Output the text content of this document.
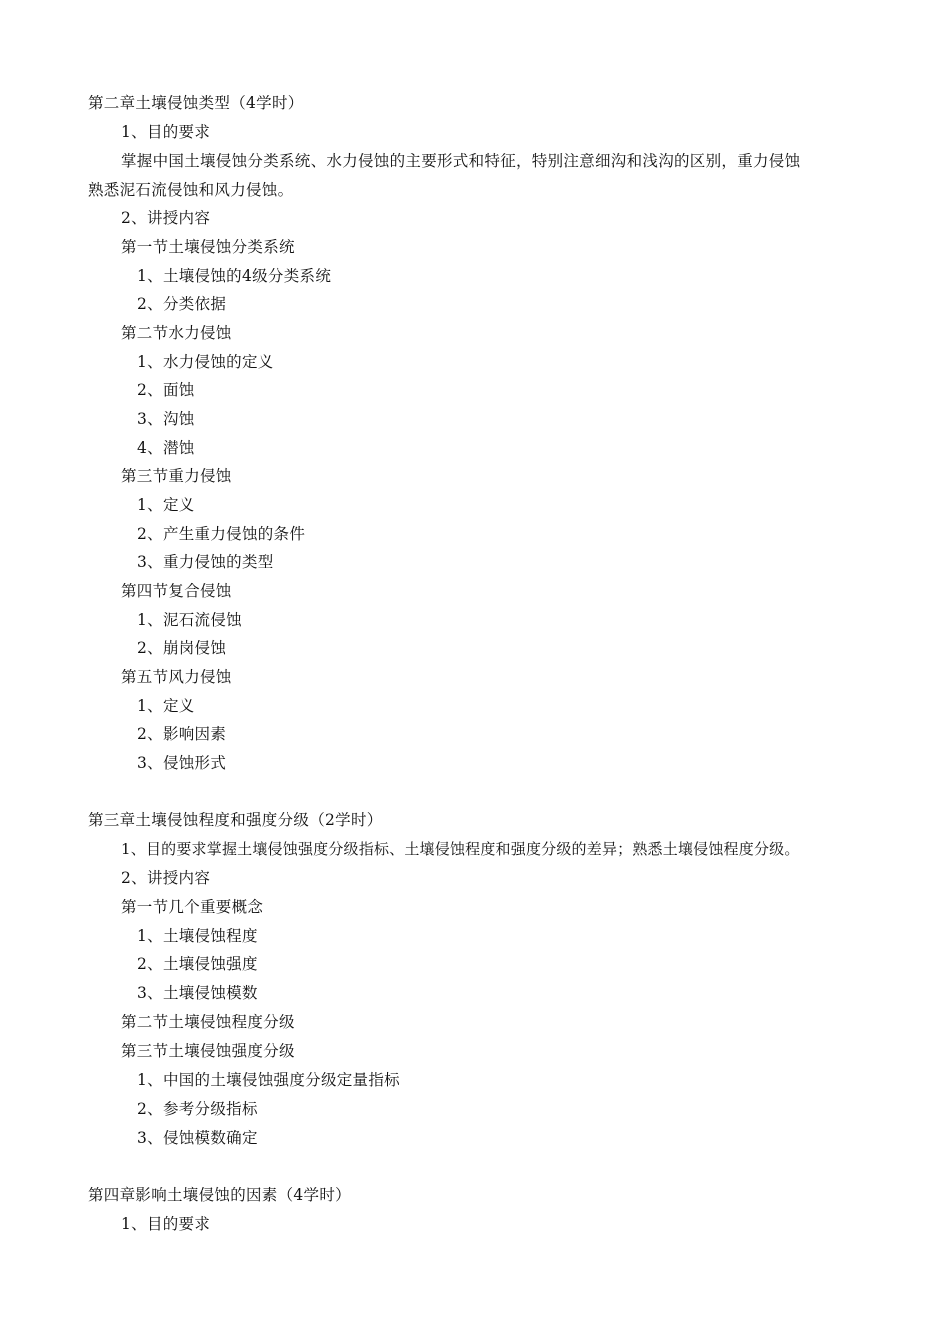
第二章土壤侵蚀类型（4学时）
1、目的要求
掌握中国土壤侵蚀分类系统、水力侵蚀的主要形式和特征，特别注意细沟和浅沟的区别，重力侵蚀
熟悉泥石流侵蚀和风力侵蚀。
2、讲授内容
第一节土壤侵蚀分类系统
1、土壤侵蚀的4级分类系统
2、分类依据
第二节水力侵蚀
1、水力侵蚀的定义
2、面蚀
3、沟蚀
4、潜蚀
第三节重力侵蚀
1、定义
2、产生重力侵蚀的条件
3、重力侵蚀的类型
第四节复合侵蚀
1、泥石流侵蚀
2、崩岗侵蚀
第五节风力侵蚀
1、定义
2、影响因素
3、侵蚀形式
第三章土壤侵蚀程度和强度分级（2学时）
1、目的要求掌握土壤侵蚀强度分级指标、土壤侵蚀程度和强度分级的差异；熟悉土壤侵蚀程度分级。
2、讲授内容
第一节几个重要概念
1、土壤侵蚀程度
2、土壤侵蚀强度
3、土壤侵蚀模数
第二节土壤侵蚀程度分级
第三节土壤侵蚀强度分级
1、中国的土壤侵蚀强度分级定量指标
2、参考分级指标
3、侵蚀模数确定
第四章影响土壤侵蚀的因素（4学时）
1、目的要求
